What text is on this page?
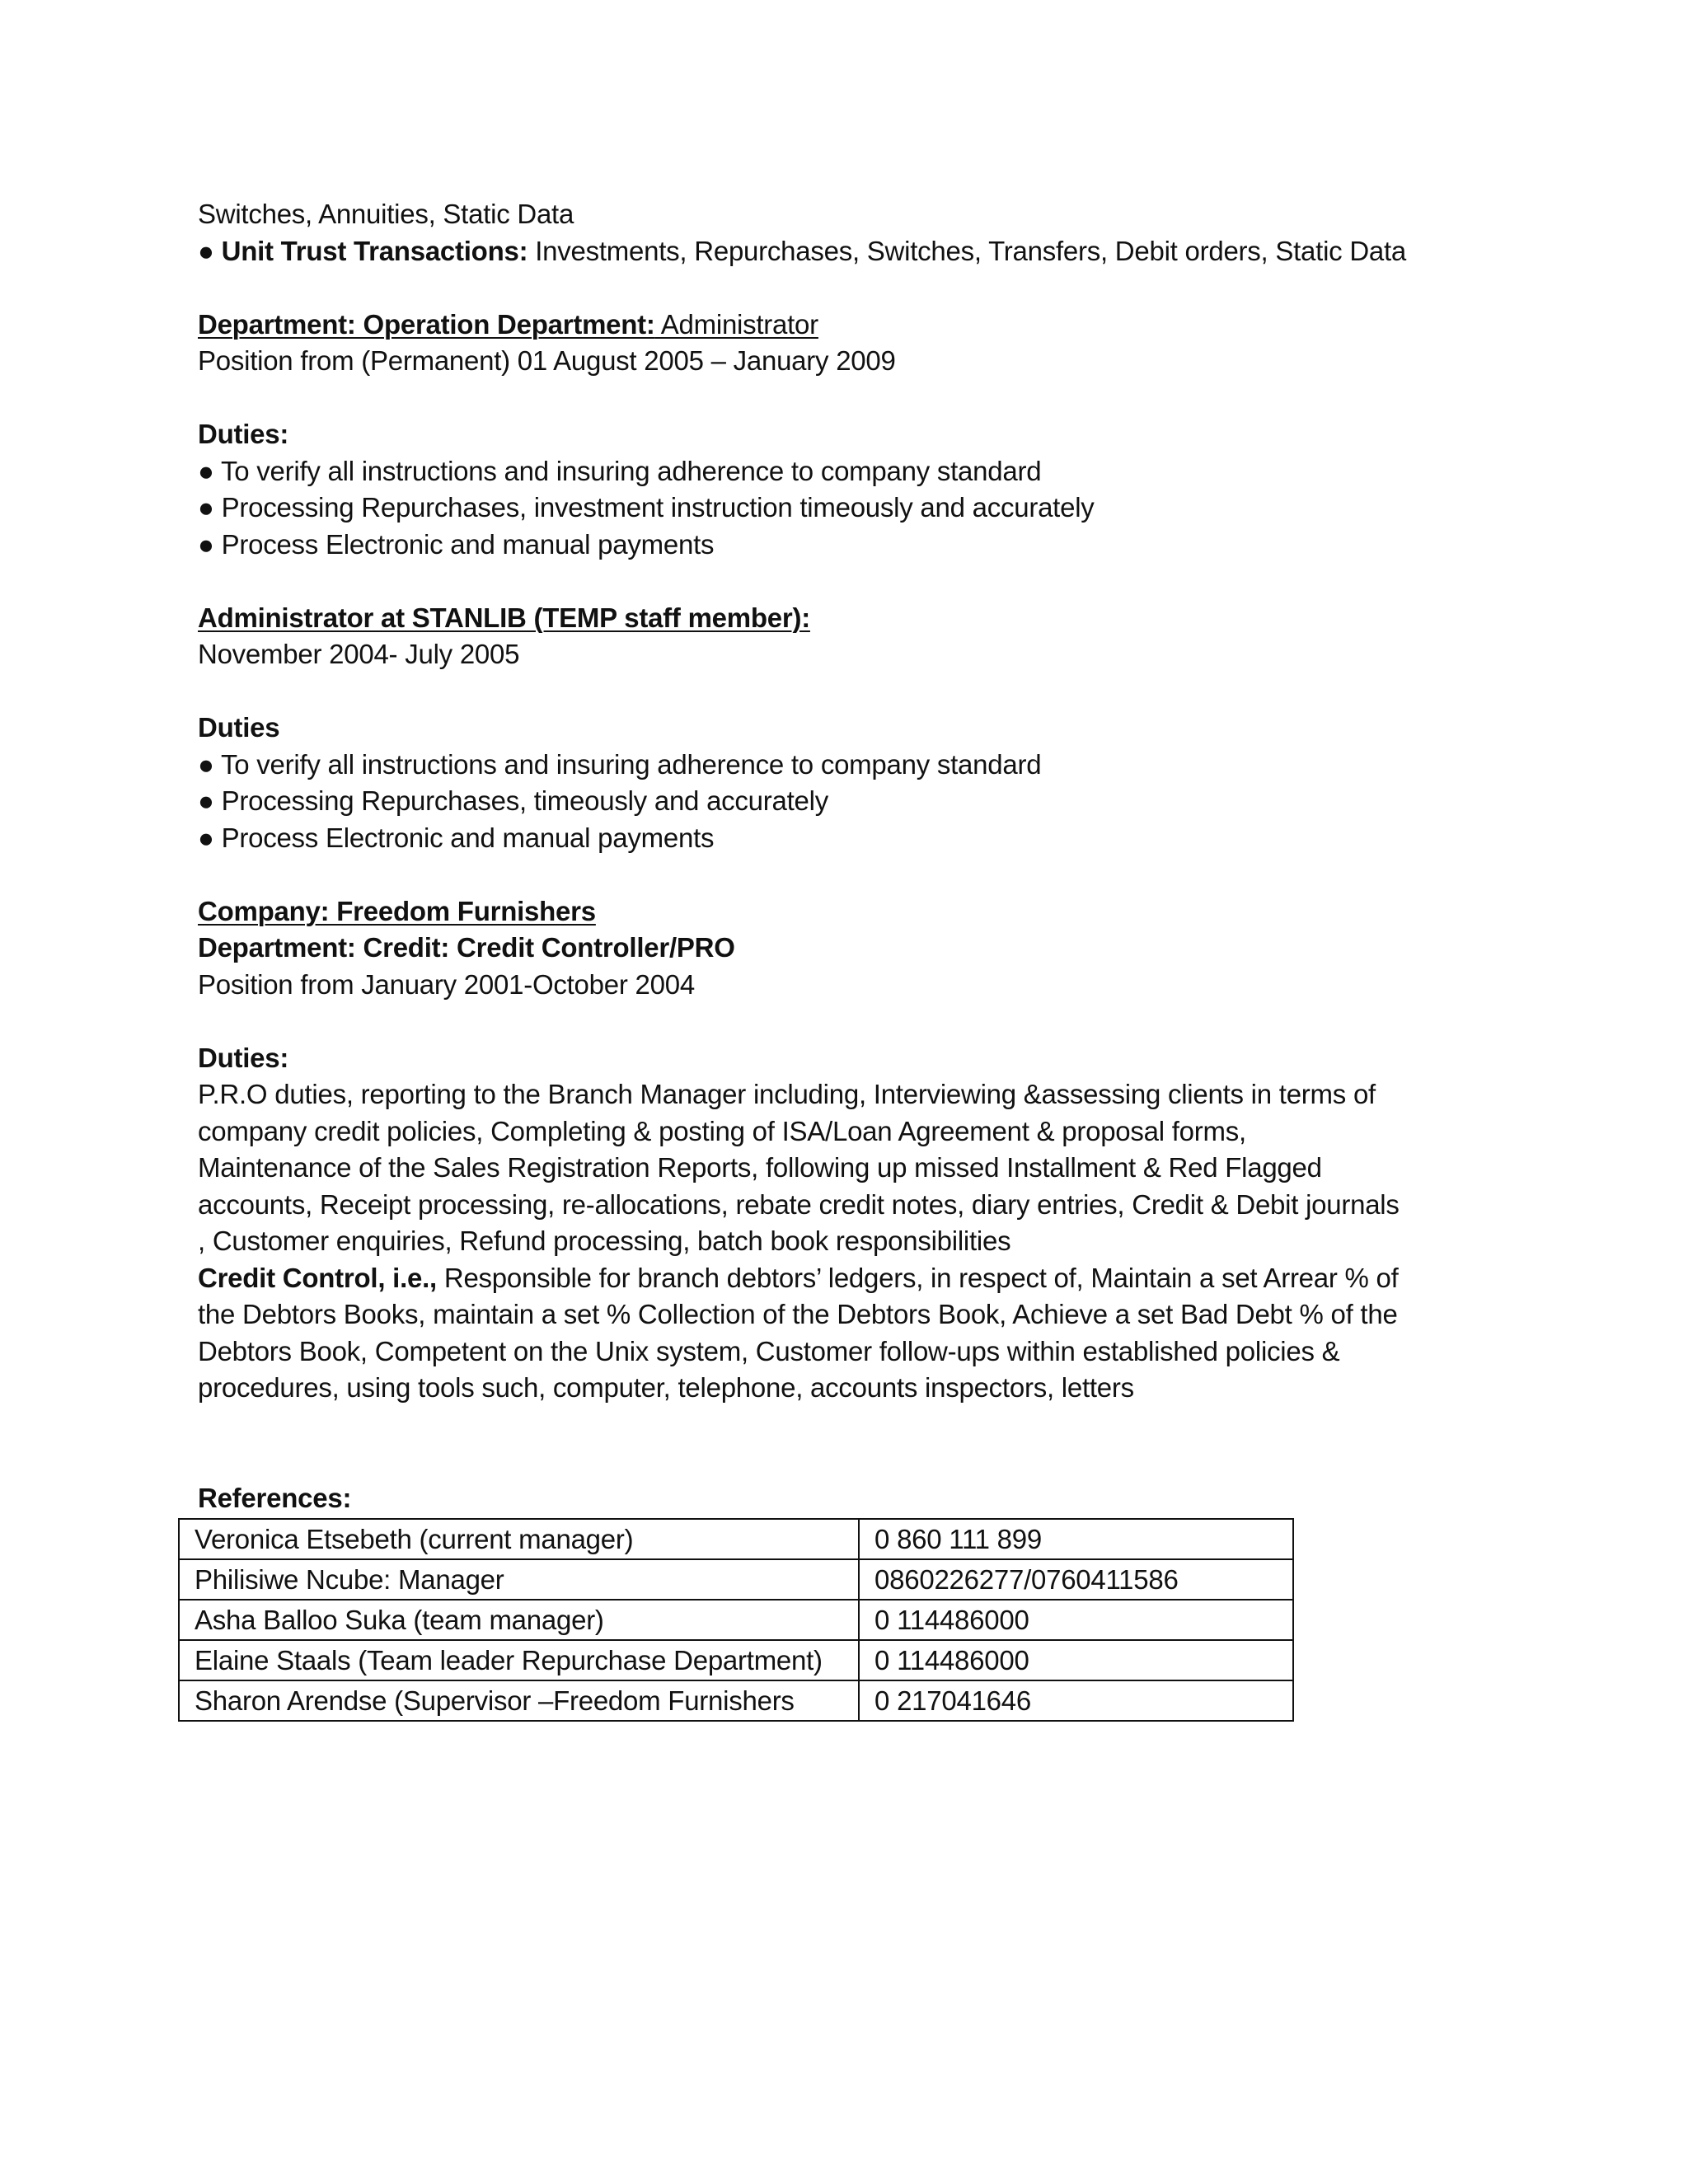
Switches, Annuities, Static Data
● Unit Trust Transactions: Investments, Repurchases, Switches, Transfers, Debit orders, Static Data
Department: Operation Department: Administrator
Position from (Permanent) 01 August 2005 – January 2009
Duties:
● To verify all instructions and insuring adherence to company standard
● Processing Repurchases, investment instruction timeously and accurately
● Process Electronic and manual payments
Administrator at STANLIB (TEMP staff member):
November 2004- July 2005
Duties
● To verify all instructions and insuring adherence to company standard
● Processing Repurchases, timeously and accurately
● Process Electronic and manual payments
Company: Freedom Furnishers
Department: Credit: Credit Controller/PRO
Position from January 2001-October 2004
Duties:
P.R.O duties, reporting to the Branch Manager including, Interviewing &assessing clients in terms of
company credit policies, Completing & posting of ISA/Loan Agreement & proposal forms,
Maintenance of the Sales Registration Reports, following up missed Installment & Red Flagged
accounts, Receipt processing, re-allocations, rebate credit notes, diary entries, Credit & Debit journals
, Customer enquiries, Refund processing, batch book responsibilities
Credit Control, i.e., Responsible for branch debtors’ ledgers, in respect of, Maintain a set Arrear % of
the Debtors Books, maintain a set % Collection of the Debtors Book, Achieve a set Bad Debt % of the
Debtors Book, Competent on the Unix system, Customer follow-ups within established policies &
procedures, using tools such, computer, telephone, accounts inspectors, letters
References:
Veronica Etsebeth (current manager)	0 860 111 899
Philisiwe Ncube: Manager	0860226277/0760411586
Asha Balloo Suka (team manager)	0 114486000
Elaine Staals (Team leader Repurchase Department)	0 114486000
Sharon Arendse (Supervisor –Freedom Furnishers	0 217041646
